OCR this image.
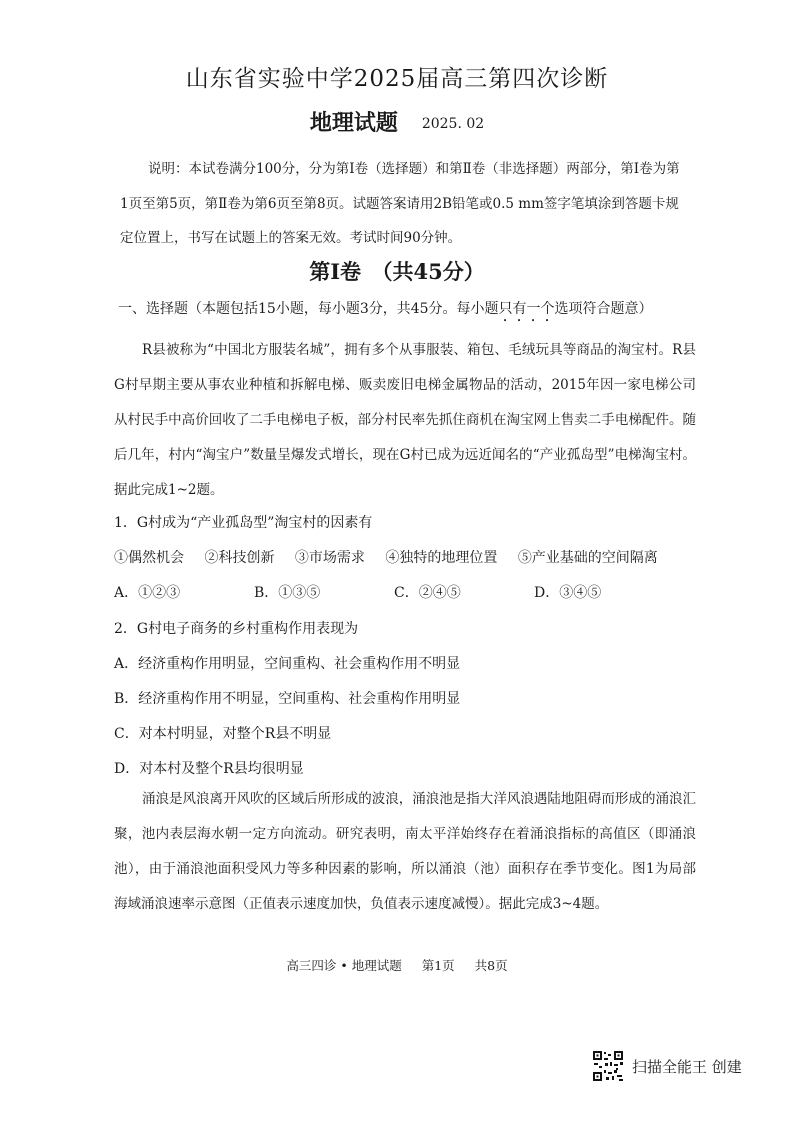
山东省实验中学2025届高三第四次诊断
地理试题 2025. 02
说明：本试卷满分100分，分为第Ⅰ卷（选择题）和第Ⅱ卷（非选择题）两部分，第Ⅰ卷为第1页至第5页，第Ⅱ卷为第6页至第8页。试题答案请用2B铅笔或0.5 mm签字笔填涂到答题卡规定位置上，书写在试题上的答案无效。考试时间90分钟。
第Ⅰ卷　（共45分）
一、选择题（本题包括15小题，每小题3分，共45分。每小题只有一个选项符合题意）
R县被称为“中国北方服装名城”，拥有多个从事服装、箱包、毛绒玩具等商品的淘宝村。R县G村早期主要从事农业种植和拆解电梯、贩卖废旧电梯金属物品的活动，2015年因一家电梯公司从村民手中高价回收了二手电梯电子板，部分村民率先抓住商机在淘宝网上售卖二手电梯配件。随后几年，村内“淘宝户”数量呈爆发式增长，现在G村已成为远近闻名的“产业孤岛型”电梯淘宝村。据此完成1~2题。
1．G村成为“产业孤岛型”淘宝村的因素有
①偶然机会 ②科技创新 ③市场需求 ④独特的地理位置 ⑤产业基础的空间隔离
A．①②③	B．①③⑤	C．②④⑤	D．③④⑤
2．G村电子商务的乡村重构作用表现为
A．经济重构作用明显，空间重构、社会重构作用不明显
B．经济重构作用不明显，空间重构、社会重构作用明显
C．对本村明显，对整个R县不明显
D．对本村及整个R县均很明显
涌浪是风浪离开风吹的区域后所形成的波浪，涌浪池是指大洋风浪遇陆地阻碍而形成的涌浪汇聚，池内表层海水朝一定方向流动。研究表明，南太平洋始终存在着涌浪指标的高值区（即涌浪池），由于涌浪池面积受风力等多种因素的影响，所以涌浪（池）面积存在季节变化。图1为局部海域涌浪速率示意图（正值表示速度加快，负值表示速度减慢）。据此完成3~4题。
高三四诊 • 地理试题 第1页 共8页
扫描全能王 创建
